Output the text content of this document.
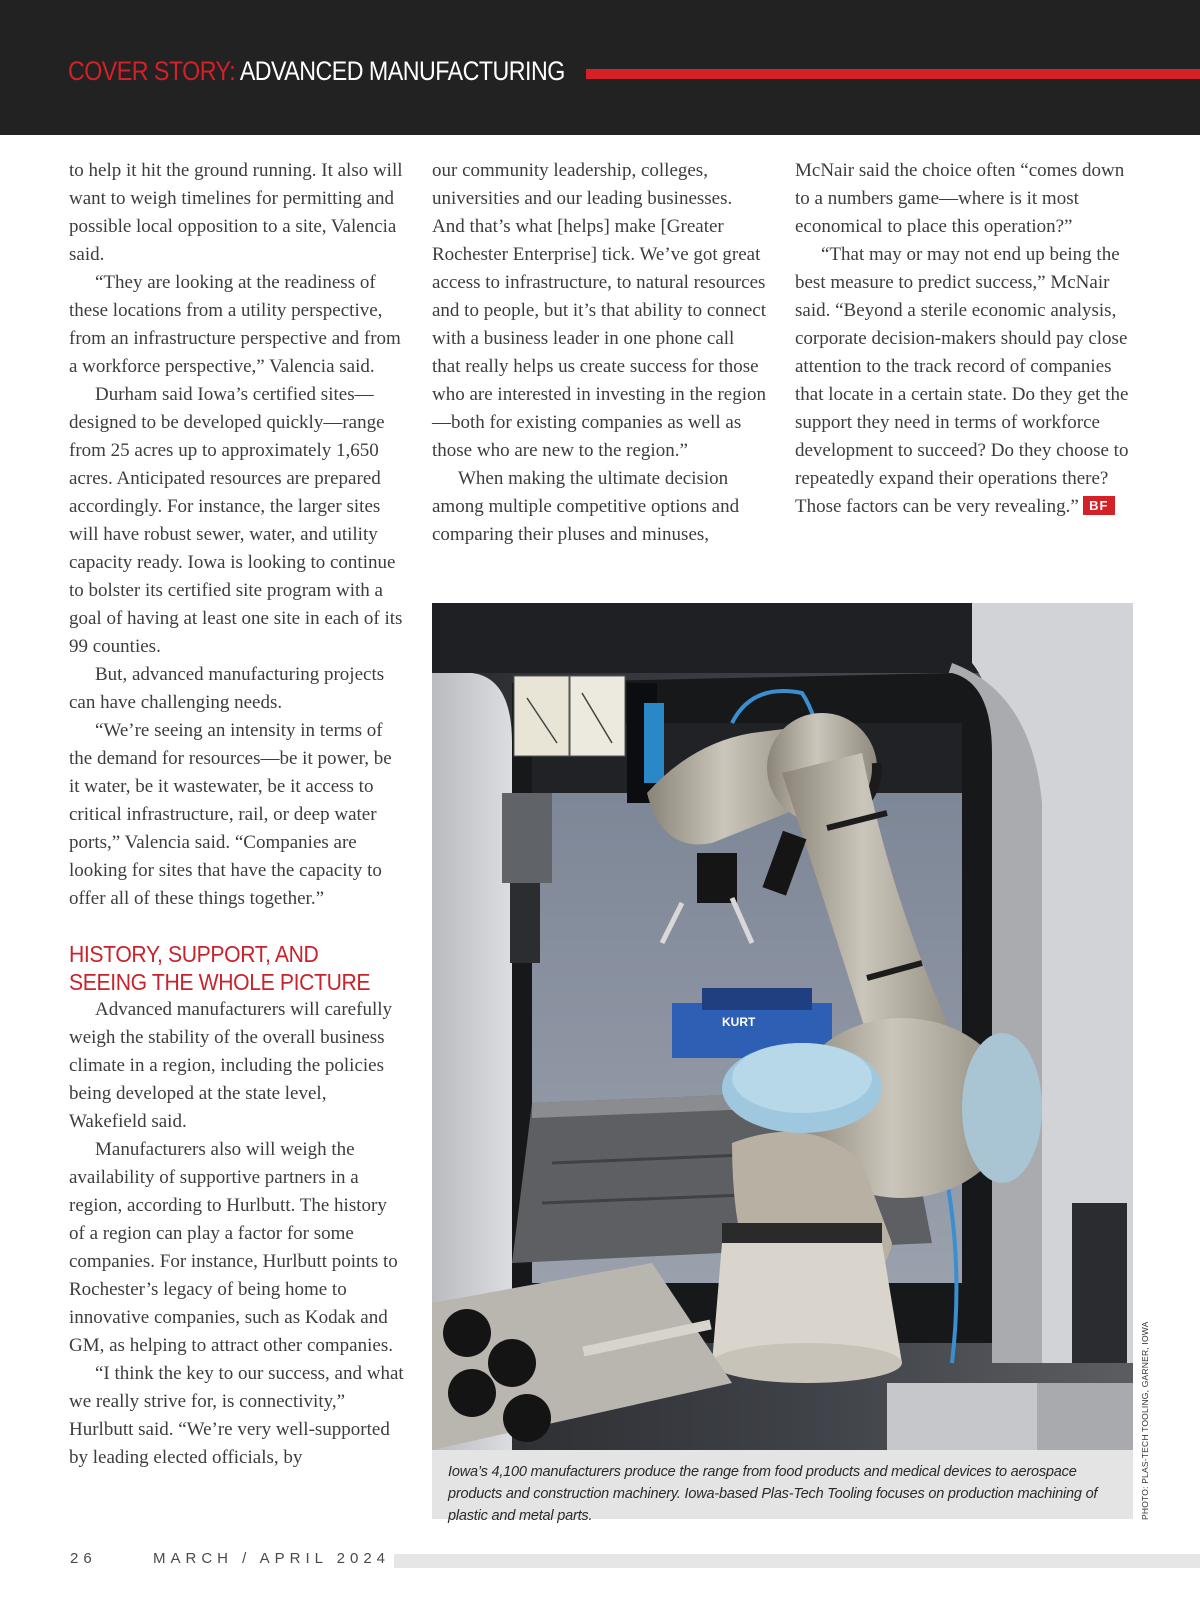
COVER STORY: ADVANCED MANUFACTURING

to help it hit the ground running. It also will want to weigh timelines for permitting and possible local opposition to a site, Valencia said.

“They are looking at the readiness of these locations from a utility perspective, from an infrastructure perspective and from a workforce perspective,” Valencia said.

Durham said Iowa’s certified sites—designed to be developed quickly—range from 25 acres up to approximately 1,650 acres. Anticipated resources are prepared accordingly. For instance, the larger sites will have robust sewer, water, and utility capacity ready. Iowa is looking to continue to bolster its certified site program with a goal of having at least one site in each of its 99 counties.

But, advanced manufacturing projects can have challenging needs.

“We’re seeing an intensity in terms of the demand for resources—be it power, be it water, be it wastewater, be it access to critical infrastructure, rail, or deep water ports,” Valencia said. “Companies are looking for sites that have the capacity to offer all of these things together.”

HISTORY, SUPPORT, AND
SEEING THE WHOLE PICTURE

Advanced manufacturers will carefully weigh the stability of the overall business climate in a region, including the policies being developed at the state level, Wakefield said.

Manufacturers also will weigh the availability of supportive partners in a region, according to Hurlbutt. The history of a region can play a factor for some companies. For instance, Hurlbutt points to Rochester’s legacy of being home to innovative companies, such as Kodak and GM, as helping to attract other companies.

“I think the key to our success, and what we really strive for, is connectivity,” Hurlbutt said. “We’re very well-supported by leading elected officials, by

our community leadership, colleges, universities and our leading businesses. And that’s what [helps] make [Greater Rochester Enterprise] tick. We’ve got great access to infrastructure, to natural resources and to people, but it’s that ability to connect with a business leader in one phone call that really helps us create success for those who are interested in investing in the region—both for existing companies as well as those who are new to the region.”

When making the ultimate decision among multiple competitive options and comparing their pluses and minuses,

McNair said the choice often “comes down to a numbers game—where is it most economical to place this operation?”

“That may or may not end up being the best measure to predict success,” McNair said. “Beyond a sterile economic analysis, corporate decision-makers should pay close attention to the track record of companies that locate in a certain state. Do they get the support they need in terms of workforce development to succeed? Do they choose to repeatedly expand their operations there? Those factors can be very revealing.” BF

KURT
Iowa’s 4,100 manufacturers produce the range from food products and medical devices to aerospace products and construction machinery. Iowa-based Plas-Tech Tooling focuses on production machining of plastic and metal parts.	PHOTO: PLAS-TECH TOOLING, GARNER, IOWA
26	MARCH / APRIL 2024
